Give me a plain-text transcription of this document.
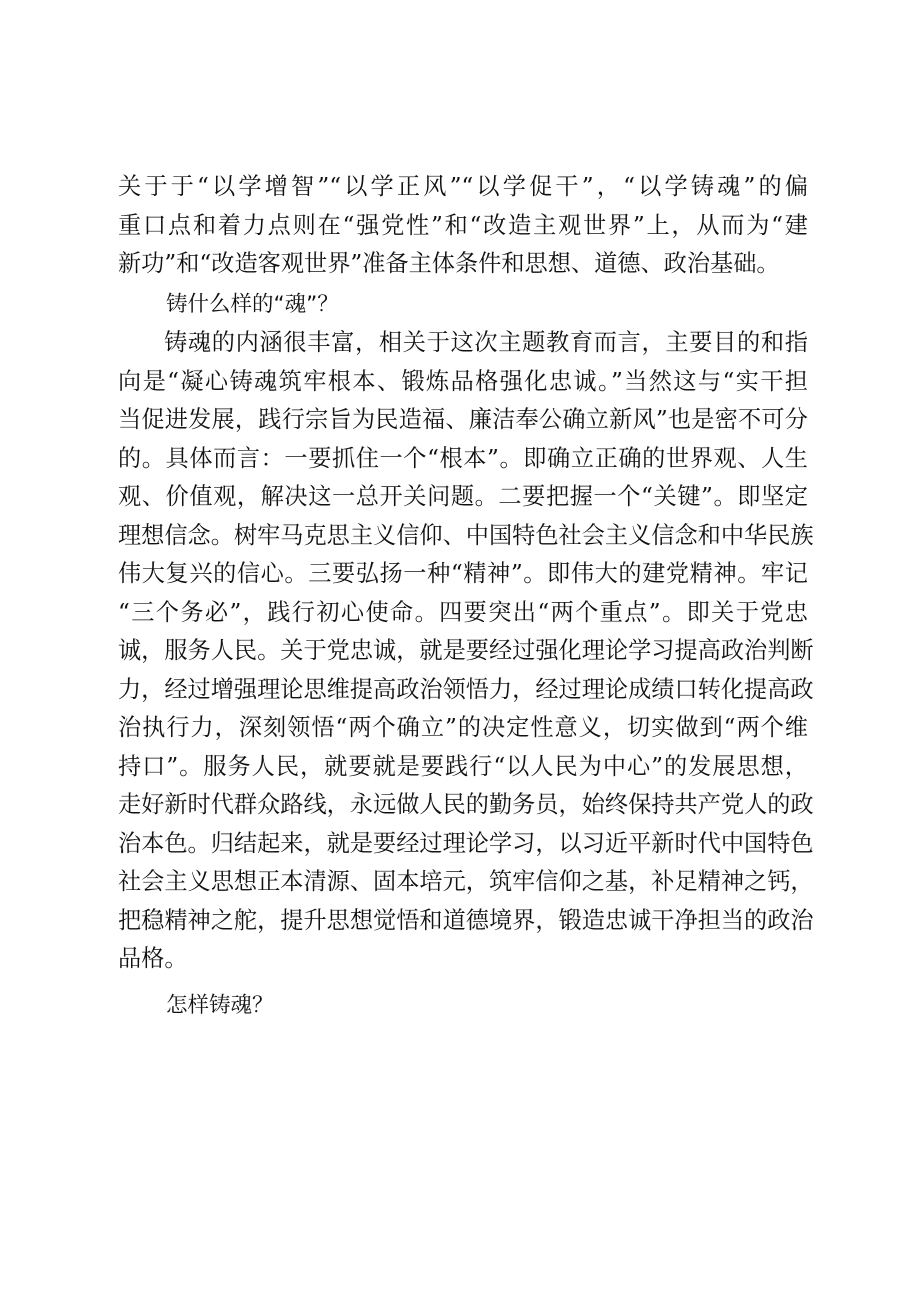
关于于“以学增智”“以学正风”“以学促干”，“以学铸魂”的偏
重口点和着力点则在“强党性”和“改造主观世界”上，从而为“建
新功”和“改造客观世界”准备主体条件和思想、道德、政治基础。
铸什么样的“魂”？
铸魂的内涵很丰富，相关于这次主题教育而言，主要目的和指
向是“凝心铸魂筑牢根本、锻炼品格强化忠诚。”当然这与“实干担
当促进发展，践行宗旨为民造福、廉洁奉公确立新风”也是密不可分
的。具体而言：一要抓住一个“根本”。即确立正确的世界观、人生
观、价值观，解决这一总开关问题。二要把握一个“关键”。即坚定
理想信念。树牢马克思主义信仰、中国特色社会主义信念和中华民族
伟大复兴的信心。三要弘扬一种“精神”。即伟大的建党精神。牢记
“三个务必”，践行初心使命。四要突出“两个重点”。即关于党忠
诚，服务人民。关于党忠诚，就是要经过强化理论学习提高政治判断
力，经过增强理论思维提高政治领悟力，经过理论成绩口转化提高政
治执行力，深刻领悟“两个确立”的决定性意义，切实做到“两个维
持口”。服务人民，就要就是要践行“以人民为中心”的发展思想，
走好新时代群众路线，永远做人民的勤务员，始终保持共产党人的政
治本色。归结起来，就是要经过理论学习，以习近平新时代中国特色
社会主义思想正本清源、固本培元，筑牢信仰之基，补足精神之钙，
把稳精神之舵，提升思想觉悟和道德境界，锻造忠诚干净担当的政治
品格。
怎样铸魂？
